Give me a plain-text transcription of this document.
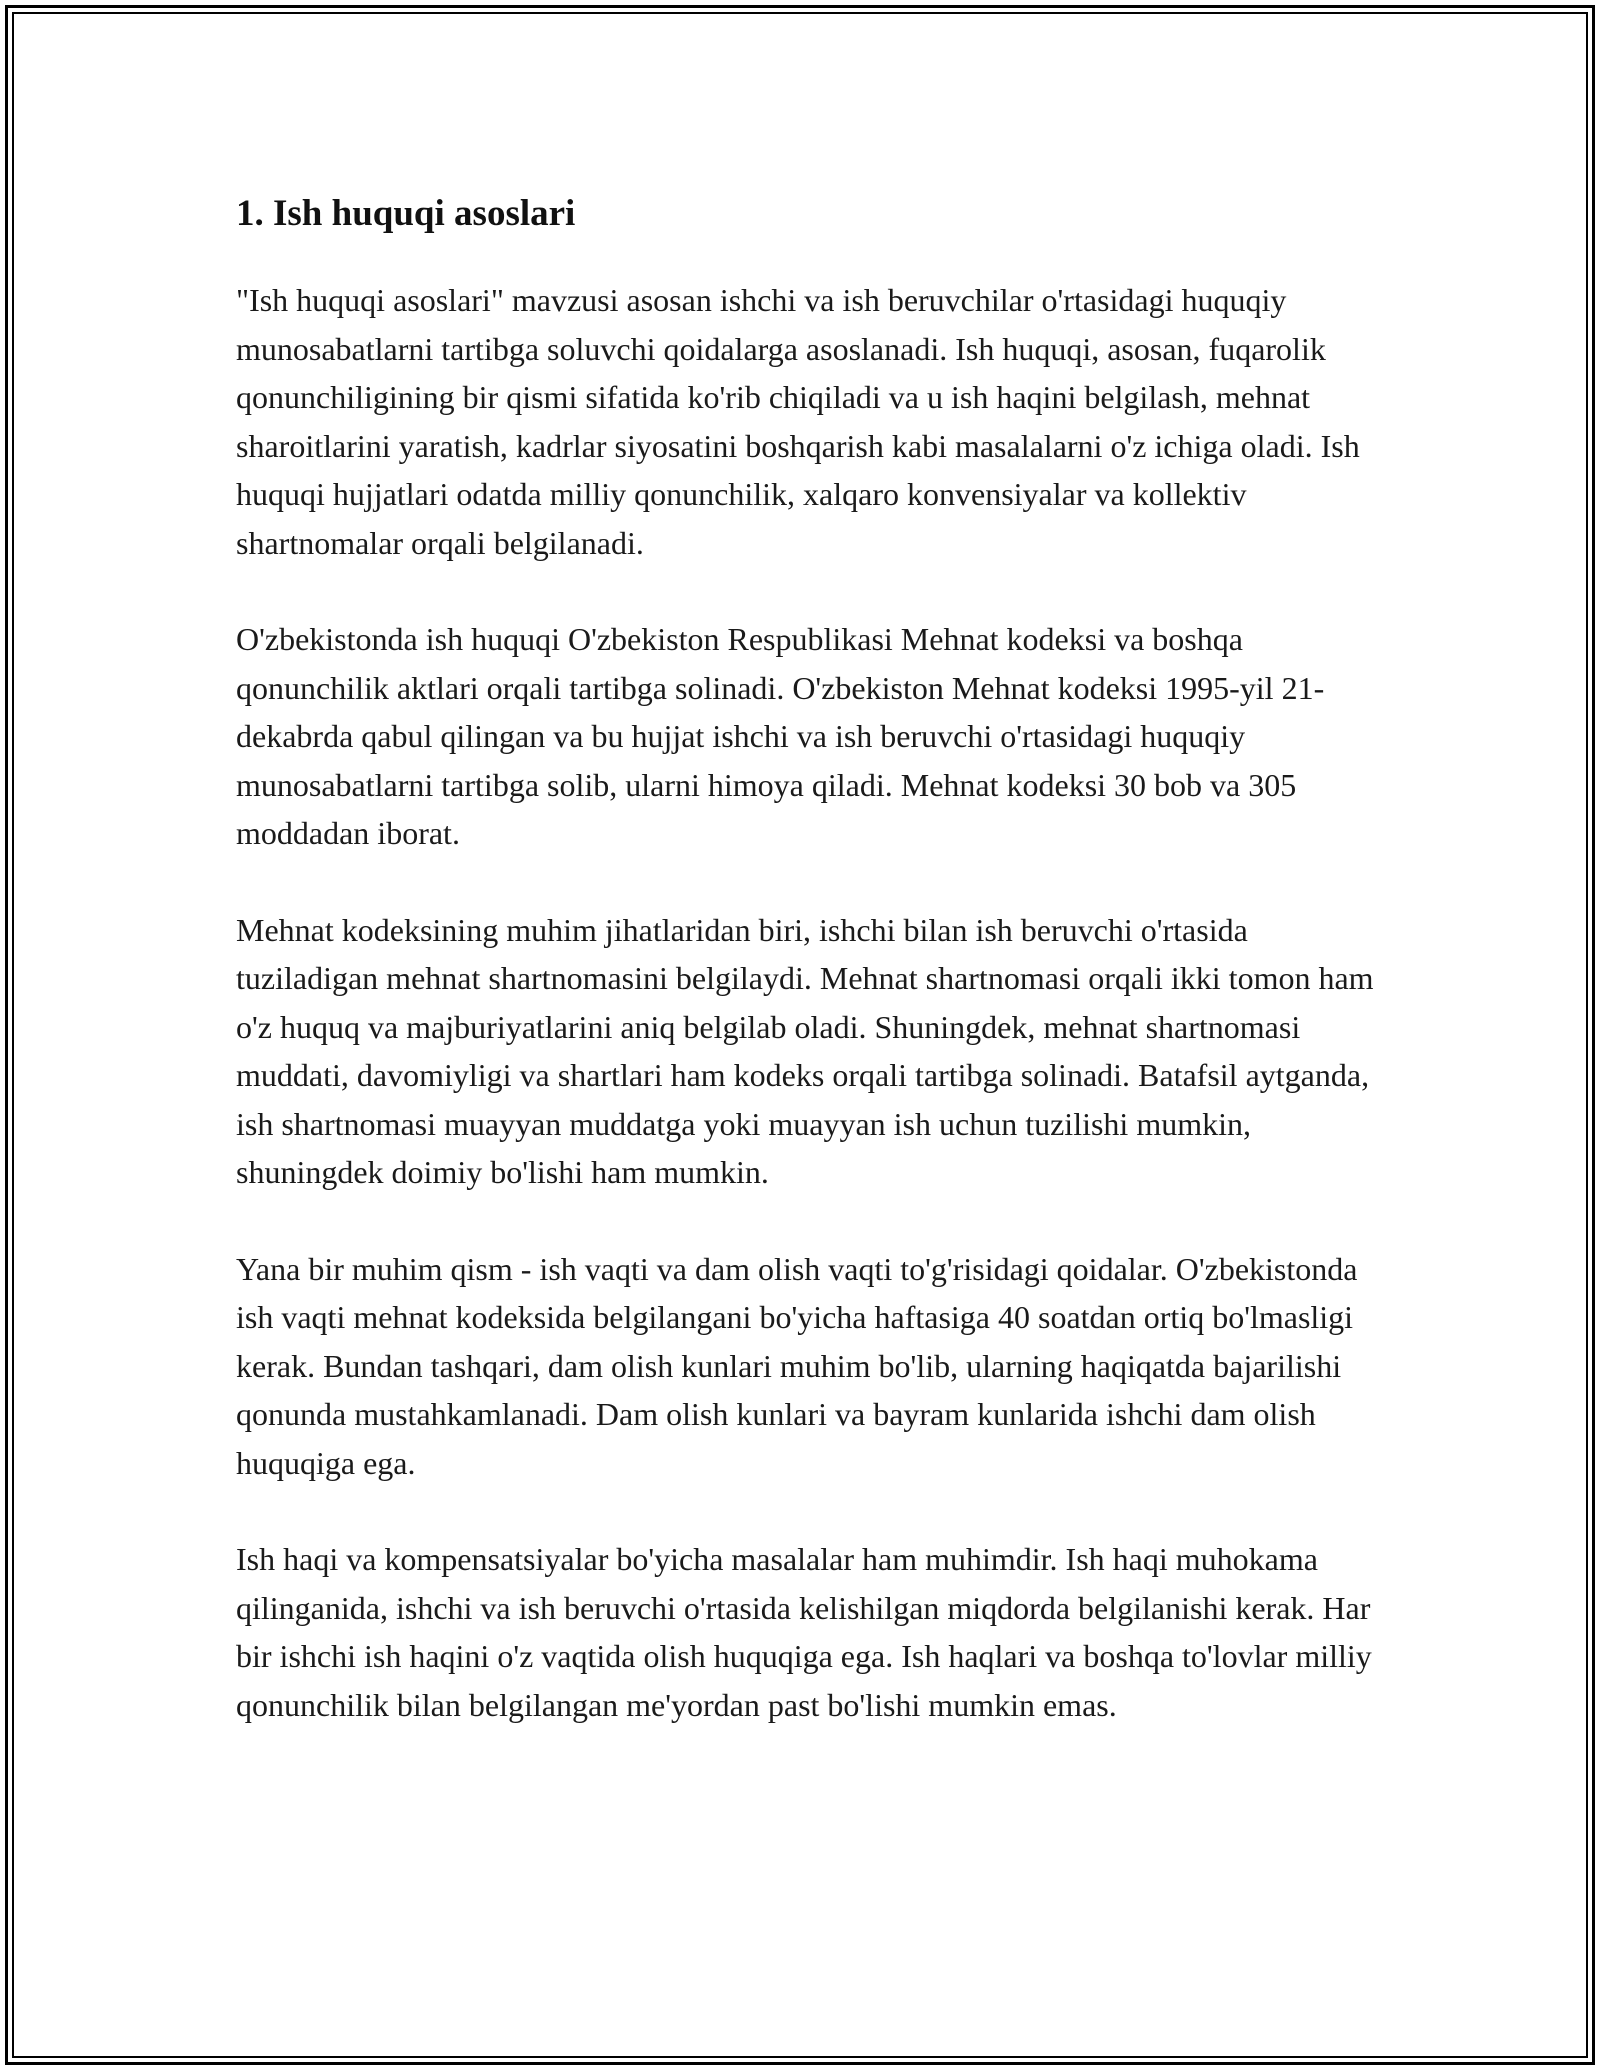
1. Ish huquqi asoslari

"Ish huquqi asoslari" mavzusi asosan ishchi va ish beruvchilar o'rtasidagi huquqiy munosabatlarni tartibga soluvchi qoidalarga asoslanadi. Ish huquqi, asosan, fuqarolik qonunchiligining bir qismi sifatida ko'rib chiqiladi va u ish haqini belgilash, mehnat sharoitlarini yaratish, kadrlar siyosatini boshqarish kabi masalalarni o'z ichiga oladi. Ish huquqi hujjatlari odatda milliy qonunchilik, xalqaro konvensiyalar va kollektiv shartnomalar orqali belgilanadi.

O'zbekistonda ish huquqi O'zbekiston Respublikasi Mehnat kodeksi va boshqa qonunchilik aktlari orqali tartibga solinadi. O'zbekiston Mehnat kodeksi 1995-yil 21-dekabrda qabul qilingan va bu hujjat ishchi va ish beruvchi o'rtasidagi huquqiy munosabatlarni tartibga solib, ularni himoya qiladi. Mehnat kodeksi 30 bob va 305 moddadan iborat.

Mehnat kodeksining muhim jihatlaridan biri, ishchi bilan ish beruvchi o'rtasida tuziladigan mehnat shartnomasini belgilaydi. Mehnat shartnomasi orqali ikki tomon ham o'z huquq va majburiyatlarini aniq belgilab oladi. Shuningdek, mehnat shartnomasi muddati, davomiyligi va shartlari ham kodeks orqali tartibga solinadi. Batafsil aytganda, ish shartnomasi muayyan muddatga yoki muayyan ish uchun tuzilishi mumkin, shuningdek doimiy bo'lishi ham mumkin.

Yana bir muhim qism - ish vaqti va dam olish vaqti to'g'risidagi qoidalar. O'zbekistonda ish vaqti mehnat kodeksida belgilangani bo'yicha haftasiga 40 soatdan ortiq bo'lmasligi kerak. Bundan tashqari, dam olish kunlari muhim bo'lib, ularning haqiqatda bajarilishi qonunda mustahkamlanadi. Dam olish kunlari va bayram kunlarida ishchi dam olish huquqiga ega.

Ish haqi va kompensatsiyalar bo'yicha masalalar ham muhimdir. Ish haqi muhokama qilinganida, ishchi va ish beruvchi o'rtasida kelishilgan miqdorda belgilanishi kerak. Har bir ishchi ish haqini o'z vaqtida olish huquqiga ega. Ish haqlari va boshqa to'lovlar milliy qonunchilik bilan belgilangan me'yordan past bo'lishi mumkin emas.
